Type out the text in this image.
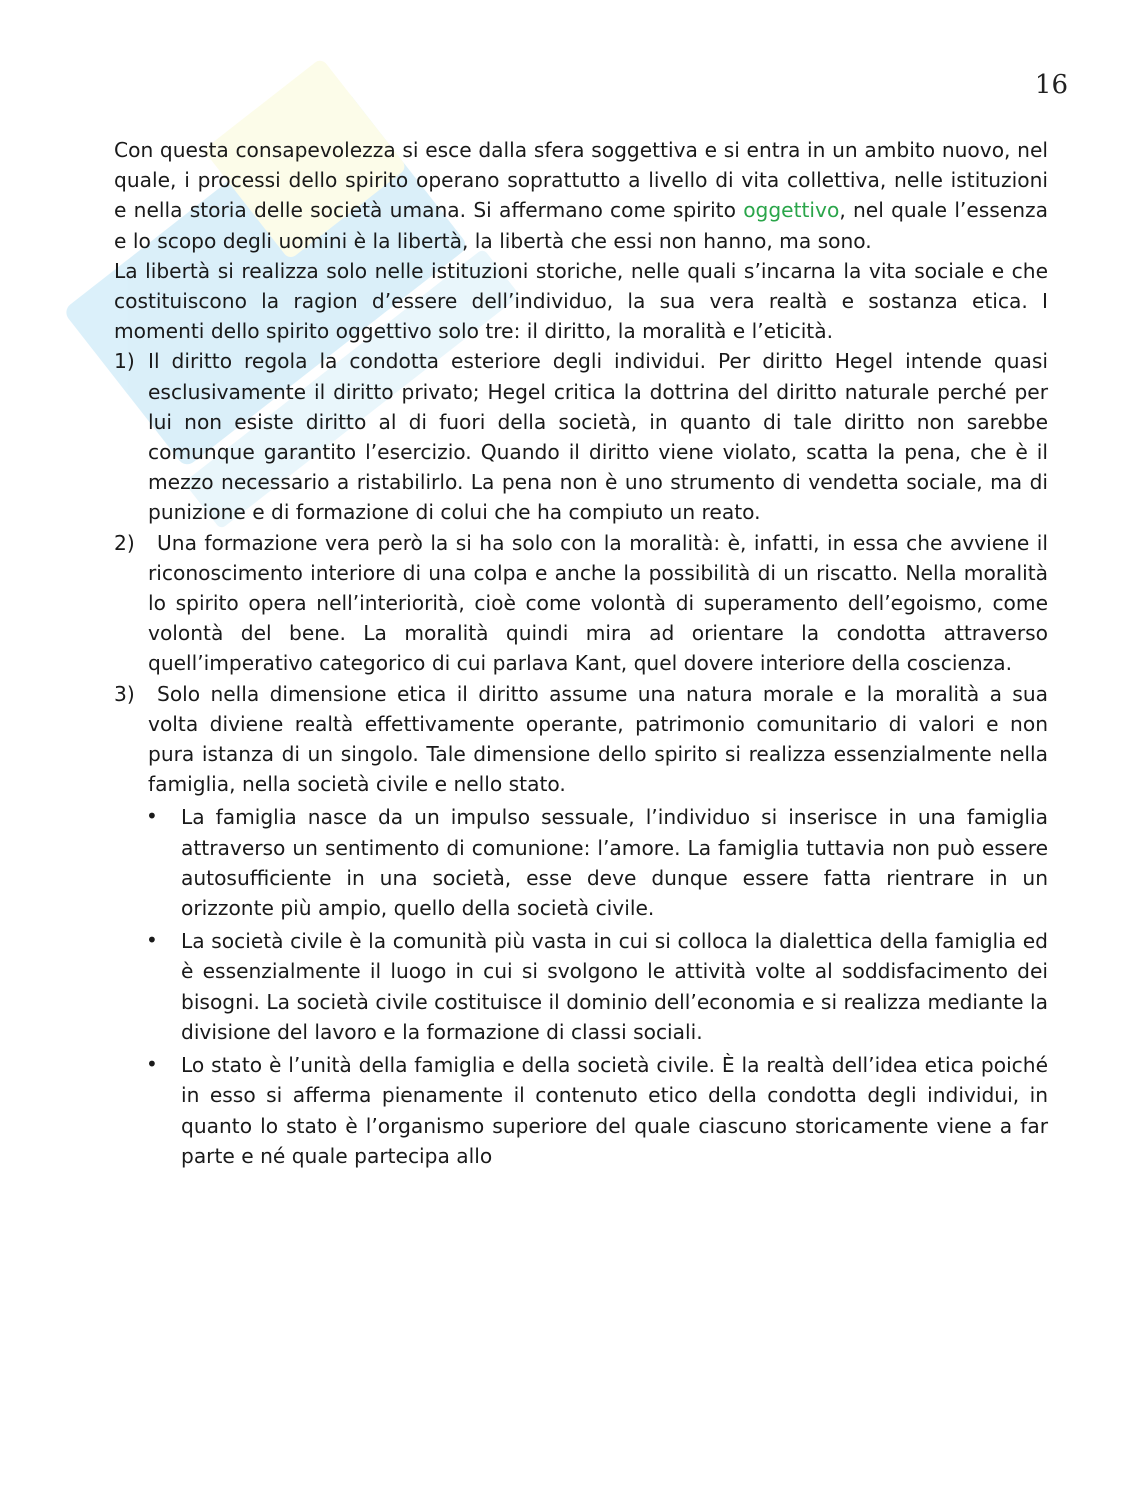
16

Con questa consapevolezza si esce dalla sfera soggettiva e si entra in un ambito nuovo, nel quale, i processi dello spirito operano soprattutto a livello di vita collettiva, nelle istituzioni e nella storia delle società umana. Si affermano come spirito oggettivo, nel quale l’essenza e lo scopo degli uomini è la libertà, la libertà che essi non hanno, ma sono.

La libertà si realizza solo nelle istituzioni storiche, nelle quali s’incarna la vita sociale e che costituiscono la ragion d’essere dell’individuo, la sua vera realtà e sostanza etica. I momenti dello spirito oggettivo solo tre: il diritto, la moralità e l’eticità.

1) Il diritto regola la condotta esteriore degli individui. Per diritto Hegel intende quasi esclusivamente il diritto privato; Hegel critica la dottrina del diritto naturale perché per lui non esiste diritto al di fuori della società, in quanto di tale diritto non sarebbe comunque garantito l’esercizio. Quando il diritto viene violato, scatta la pena, che è il mezzo necessario a ristabilirlo. La pena non è uno strumento di vendetta sociale, ma di punizione e di formazione di colui che ha compiuto un reato.
2) Una formazione vera però la si ha solo con la moralità: è, infatti, in essa che avviene il riconoscimento interiore di una colpa e anche la possibilità di un riscatto. Nella moralità lo spirito opera nell’interiorità, cioè come volontà di superamento dell’egoismo, come volontà del bene. La moralità quindi mira ad orientare la condotta attraverso quell’imperativo categorico di cui parlava Kant, quel dovere interiore della coscienza.
3) Solo nella dimensione etica il diritto assume una natura morale e la moralità a sua volta diviene realtà effettivamente operante, patrimonio comunitario di valori e non pura istanza di un singolo. Tale dimensione dello spirito si realizza essenzialmente nella famiglia, nella società civile e nello stato.
• La famiglia nasce da un impulso sessuale, l’individuo si inserisce in una famiglia attraverso un sentimento di comunione: l’amore. La famiglia tuttavia non può essere autosufficiente in una società, esse deve dunque essere fatta rientrare in un orizzonte più ampio, quello della società civile.
• La società civile è la comunità più vasta in cui si colloca la dialettica della famiglia ed è essenzialmente il luogo in cui si svolgono le attività volte al soddisfacimento dei bisogni. La società civile costituisce il dominio dell’economia e si realizza mediante la divisione del lavoro e la formazione di classi sociali.
• Lo stato è l’unità della famiglia e della società civile. È la realtà dell’idea etica poiché in esso si afferma pienamente il contenuto etico della condotta degli individui, in quanto lo stato è l’organismo superiore del quale ciascuno storicamente viene a far parte e né quale partecipa allo
